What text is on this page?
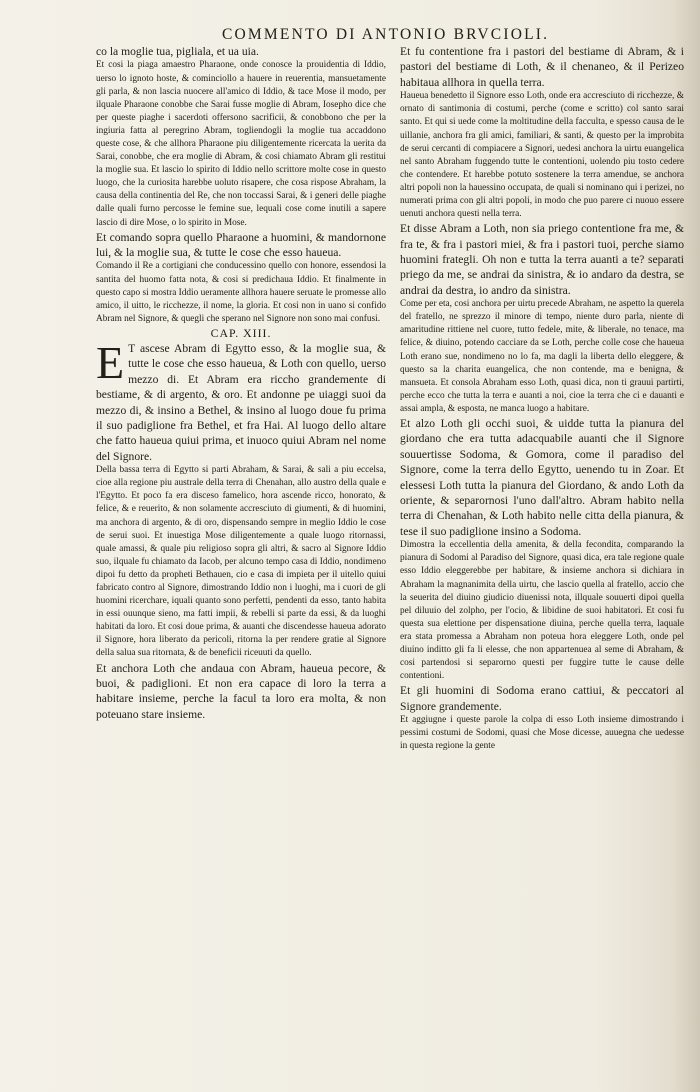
COMMENTO DI ANTONIO BRVCIOLI.

co la moglie tua, pigliala, et ua uia.

Et cosi la piaga amaestro Pharaone, onde conosce la prouidentia di Iddio, uerso lo ignoto hoste, & cominciollo a hauere in reuerentia, mansuetamente gli parla, & non lascia nuocere all'amico di Iddio, & tace Mose il modo, per ilquale Pharaone conobbe che Sarai fusse moglie di Abram, Iosepho dice che per queste piaghe i sacerdoti offersono sacrificii, & conobbono che per la ingiuria fatta al peregrino Abram, togliendogli la moglie tua accaddono queste cose, & che allhora Pharaone piu diligentemente ricercata la uerita da Sarai, conobbe, che era moglie di Abram, & cosi chiamato Abram gli restitui la moglie sua. Et lascio lo spirito di Iddio nello scrittore molte cose in questo luogo, che la curiosita harebbe uoluto risapere, che cosa rispose Abraham, la causa della continentia del Re, che non toccassi Sarai, & i generi delle piaghe dalle quali furno percosse le femine sue, lequali cose come inutili a sapere lascio di dire Mose, o lo spirito in Mose.

Et comando sopra quello Pharaone a huomini, & mandornone lui, & la moglie sua, & tutte le cose che esso haueua.

Comando il Re a cortigiani che conducessino quello con honore, essendosi la santita del huomo fatta nota, & cosi si predichaua Iddio. Et finalmente in questo capo si mostra Iddio ueramente allhora hauere seruate le promesse allo amico, il uitto, le ricchezze, il nome, la gloria. Et cosi non in uano si confido Abram nel Signore, & quegli che sperano nel Signore non sono mai confusi.

CAP. XIII.

E T ascese Abram di Egytto esso, & la moglie sua, & tutte le cose che esso haueua, & Loth con quello, uerso mezzo di. Et Abram era riccho grandemente di bestiame, & di argento, & oro. Et andonne pe uiaggi suoi da mezzo di, & insino a Bethel, & insino al luogo doue fu prima il suo padiglione fra Bethel, et fra Hai. Al luogo dello altare che fatto haueua quiui prima, et inuoco quiui Abram nel nome del Signore.

Della bassa terra di Egytto si parti Abraham, & Sarai, & sali a piu eccelsa, cioe alla regione piu australe della terra di Chenahan, allo austro della quale e l'Egytto. Et poco fa era disceso famelico, hora ascende ricco, honorato, & felice, & e reuerito, & non solamente accresciuto di giumenti, & di huomini, ma anchora di argento, & di oro, dispensando sempre in meglio Iddio le cose de serui suoi. Et inuestiga Mose diligentemente a quale luogo ritornassi, quale amassi, & quale piu religioso sopra gli altri, & sacro al Signore Iddio suo, ilquale fu chiamato da Iacob, per alcuno tempo casa di Iddio, nondimeno dipoi fu detto da propheti Bethauen, cio e casa di impieta per il uitello quiui fabricato contro al Signore, dimostrando Iddio non i luoghi, ma i cuori de gli huomini ricerchare, iquali quanto sono perfetti, pendenti da esso, tanto habita in essi ouunque sieno, ma fatti impii, & rebelli si parte da essi, & da luoghi habitati da loro. Et cosi doue prima, & auanti che discendesse haueua adorato il Signore, hora liberato da pericoli, ritorna la per rendere gratie al Signore della salua sua ritornata, & de beneficii riceuuti da quello.

Et anchora Loth che andaua con Abram, haueua pecore, & buoi, & padiglioni. Et non era capace di loro la terra a habitare insieme, perche la facul ta loro era molta, & non poteuano stare insieme.

Et fu contentione fra i pastori del bestiame di Abram, & i pastori del bestiame di Loth, & il chenaneo, & il Perizeo habitaua allhora in quella terra.

Haueua benedetto il Signore esso Loth, onde era accresciuto di ricchezze, & ornato di santimonia di costumi, perche (come e scritto) col santo sarai santo. Et qui si uede come la moltitudine della facculta, e spesso causa de le uillanie, anchora fra gli amici, familiari, & santi, & questo per la improbita de serui cercanti di compiacere a Signori, uedesi anchora la uirtu euangelica nel santo Abraham fuggendo tutte le contentioni, uolendo piu tosto cedere che contendere. Et harebbe potuto sostenere la terra amendue, se anchora altri popoli non la hauessino occupata, de quali si nominano qui i perizei, no numerati prima con gli altri popoli, in modo che puo parere ci nuouo essere uenuti anchora questi nella terra.

Et disse Abram a Loth, non sia priego contentione fra me, & fra te, & fra i pastori miei, & fra i pastori tuoi, perche siamo huomini frategli. Oh non e tutta la terra auanti a te? separati priego da me, se andrai da sinistra, & io andaro da destra, se andrai da destra, io andro da sinistra.

Come per eta, cosi anchora per uirtu precede Abraham, ne aspetto la querela del fratello, ne sprezzo il minore di tempo, niente duro parla, niente di amaritudine rittiene nel cuore, tutto fedele, mite, & liberale, no tenace, ma felice, & diuino, potendo cacciare da se Loth, perche colle cose che haueua Loth erano sue, nondimeno no lo fa, ma dagli la liberta dello eleggere, & questo sa la charita euangelica, che non contende, ma e benigna, & mansueta. Et consola Abraham esso Loth, quasi dica, non ti grauui partirti, perche ecco che tutta la terra e auanti a noi, cioe la terra che ci e dauanti e assai ampla, & esposta, ne manca luogo a habitare.

Et alzo Loth gli occhi suoi, & uidde tutta la pianura del giordano che era tutta adacquabile auanti che il Signore souuertisse Sodoma, & Gomora, come il paradiso del Signore, come la terra dello Egytto, uenendo tu in Zoar. Et elessesi Loth tutta la pianura del Giordano, & ando Loth da oriente, & separornosi l'uno dall'altro. Abram habito nella terra di Chenahan, & Loth habito nelle citta della pianura, & tese il suo padiglione insino a Sodoma.

Dimostra la eccellentia della amenita, & della fecondita, comparando la pianura di Sodomi al Paradiso del Signore, quasi dica, era tale regione quale esso Iddio eleggerebbe per habitare, & insieme anchora si dichiara in Abraham la magnanimita della uirtu, che lascio quella al fratello, accio che la seuerita del diuino giudicio diuenissi nota, illquale souuerti dipoi quella pel diluuio del zolpho, per l'ocio, & libidine de suoi habitatori. Et cosi fu questa sua elettione per dispensatione diuina, perche quella terra, laquale era stata promessa a Abraham non poteua hora eleggere Loth, onde pel diuino inditto gli fa li elesse, che non appartenuea al seme di Abraham, & cosi partendosi si separorno questi per fuggire tutte le cause delle contentioni.

Et gli huomini di Sodoma erano cattiui, & peccatori al Signore grandemente.

Et aggiugne i queste parole la colpa di esso Loth insieme dimostrando i pessimi costumi de Sodomi, quasi che Mose dicesse, auuegna che uedesse in questa regione la gente
